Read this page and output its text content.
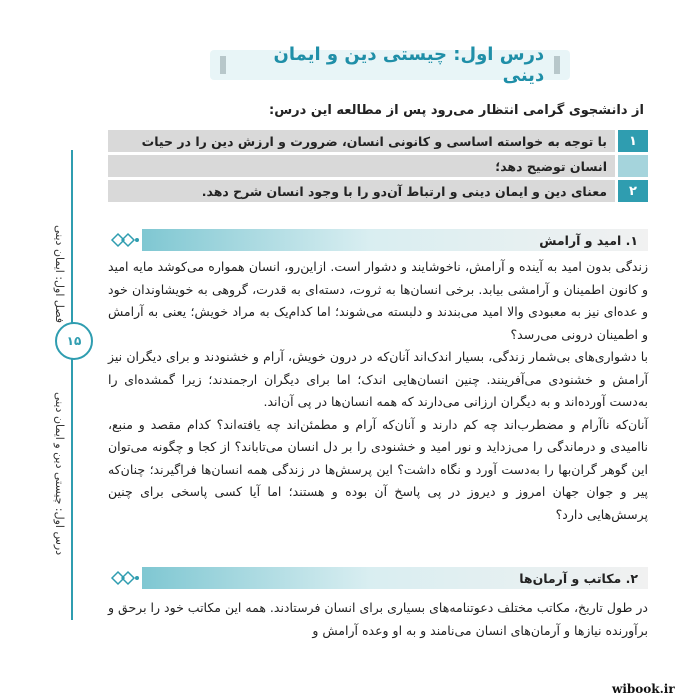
فصل اول: ایمان دینی
۱۵
درس اول: چیستی دین و ایمان دینی
درس اول: چیستی دین و ایمان دینی
از دانشجوی گرامی انتظار می‌رود پس از مطالعه این درس:
۱
با توجه به خواسته اساسی و کانونی انسان، ضرورت و ارزش دین را در حیات
انسان توضیح دهد؛
۲
معنای دین و ایمان دینی و ارتباط آن‌دو را با وجود انسان شرح دهد.
۱. امید و آرامش

زندگی بدون امید به آینده و آرامش، ناخوشایند و دشوار است. ازاین‌رو، انسان همواره می‌کوشد مایه امید و کانون اطمینان و آرامشی بیابد. برخی انسان‌ها به ثروت، دسته‌ای به قدرت، گروهی به خویشاوندان خود و عده‌ای نیز به معبودی والا امید می‌بندند و دلبسته می‌شوند؛ اما کدام‌یک به مراد خویش؛ یعنی به آرامش و اطمینان درونی می‌رسد؟

با دشواری‌های بی‌شمار زندگی، بسیار اندک‌اند آنان‌که در درون خویش، آرام و خشنودند و برای دیگران نیز آرامش و خشنودی می‌آفرینند. چنین انسان‌هایی اندک؛ اما برای دیگران ارجمندند؛ زیرا گمشده‌ای را به‌دست آورده‌اند و به دیگران ارزانی می‌دارند که همه انسان‌ها در پی آن‌اند.

آنان‌که ناآرام و مضطرب‌اند چه کم دارند و آنان‌که آرام و مطمئن‌اند چه یافته‌اند؟ کدام مقصد و منبع، ناامیدی و درماندگی را می‌زداید و نور امید و خشنودی را بر دل انسان می‌تاباند؟ از کجا و چگونه می‌توان این گوهر گران‌بها را به‌دست آورد و نگاه داشت؟ این پرسش‌ها در زندگی همه انسان‌ها فراگیرند؛ چنان‌که پیر و جوان جهان امروز و دیروز در پی پاسخ آن بوده و هستند؛ اما آیا کسی پاسخی برای چنین پرسش‌هایی دارد؟

۲. مکاتب و آرمان‌ها

در طول تاریخ، مکاتب مختلف دعوتنامه‌های بسیاری برای انسان فرستادند. همه این مکاتب خود را برحق و برآورنده نیازها و آرمان‌های انسان می‌نامند و به او وعده آرامش و

wibook.ir
